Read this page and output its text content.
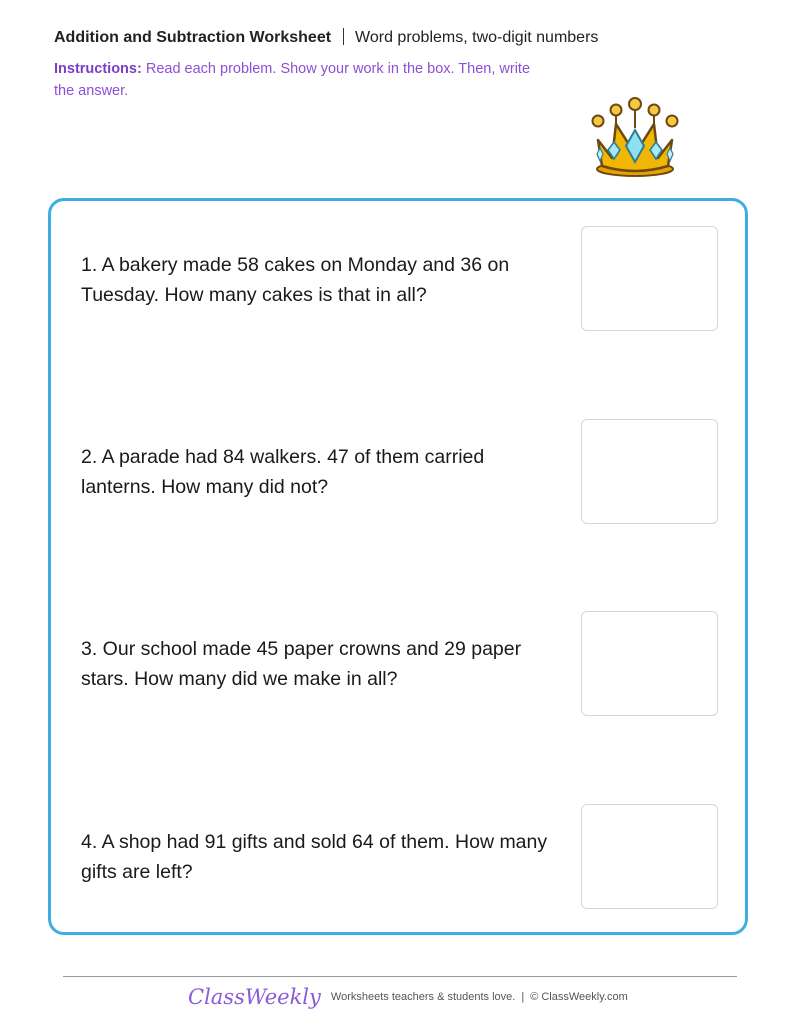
Addition and Subtraction Worksheet Word problems, two-digit numbers
Instructions: Read each problem. Show your work in the box. Then, write the answer.
1. A bakery made 58 cakes on Monday and 36 on Tuesday. How many cakes is that in all?
2. A parade had 84 walkers. 47 of them carried lanterns. How many did not?
3. Our school made 45 paper crowns and 29 paper stars. How many did we make in all?
4. A shop had 91 gifts and sold 64 of them. How many gifts are left?
ClassWeekly Worksheets teachers & students love. | © ClassWeekly.com
